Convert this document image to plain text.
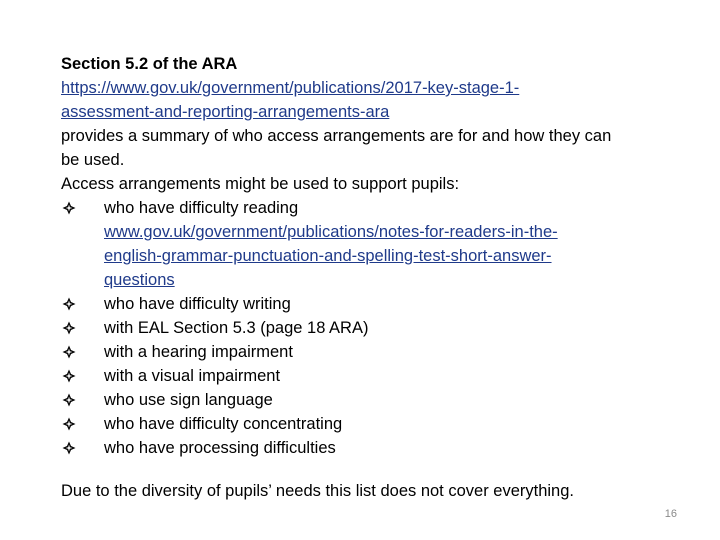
Section 5.2 of the ARA
https://www.gov.uk/government/publications/2017-key-stage-1-
assessment-and-reporting-arrangements-ara
provides a summary of who access arrangements are for and how they can
be used.
Access arrangements might be used to support pupils:
who have difficulty reading
www.gov.uk/government/publications/notes-for-readers-in-the-
english-grammar-punctuation-and-spelling-test-short-answer-
questions
who have difficulty writing
with EAL Section 5.3 (page 18 ARA)
with a hearing impairment
with a visual impairment
who use sign language
who have difficulty concentrating
who have processing difficulties
Due to the diversity of pupils’ needs this list does not cover everything.
16
